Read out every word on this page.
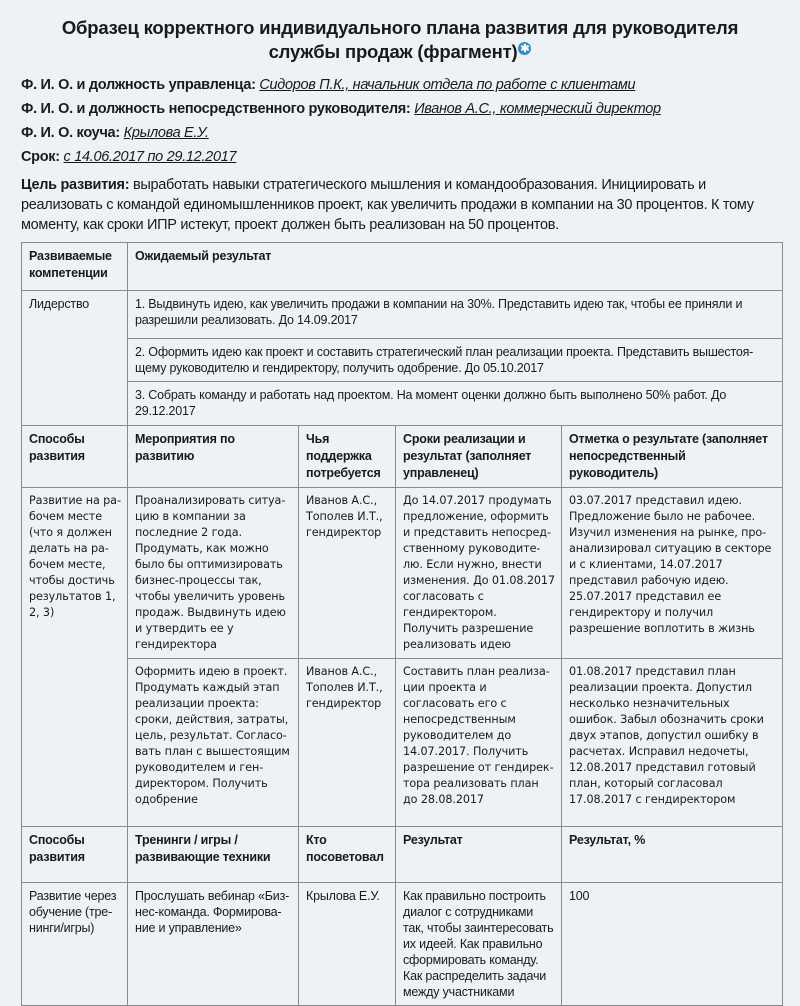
Образец корректного индивидуального плана развития для руководителя
службы продаж (фрагмент) ✱
Ф. И. О. и должность управленца: Сидоров П.К., начальник отдела по работе с клиентами
Ф. И. О. и должность непосредственного руководителя: Иванов А.С., коммерческий директор
Ф. И. О. коуча: Крылова Е.У.
Срок: с 14.06.2017 по 29.12.2017
Цель развития: выработать навыки стратегического мышления и командообразования. Инициировать и реализовать с командой единомышленников проект, как увеличить продажи в компании на 30 процентов. К тому моменту, как сроки ИПР истекут, проект должен быть реализован на 50 процентов.
Развиваемые компетенции	Ожидаемый результат			
Лидерство	1. Выдвинуть идею, как увеличить продажи в компании на 30%. Представить идею так, чтобы ее приняли и разрешили реализовать. До 14.09.2017			
	2. Оформить идею как проект и составить стратегический план реализации проекта. Представить вышестоящему руководителю и гендиректору, получить одобрение. До 05.10.2017			
	3. Собрать команду и работать над проектом. На момент оценки должно быть выполнено 50% работ. До 29.12.2017			
Способы развития	Мероприятия по развитию	Чья поддержка потребуется	Сроки реализации и результат (заполняет управленец)	Отметка о результате (заполняет непосредственный руководитель)
Развитие на рабочем месте (что я должен делать на рабочем месте, чтобы достичь результатов 1, 2, 3)	Проанализировать ситуацию в компании за последние 2 года. Продумать, как можно было бы оптимизировать бизнес-процессы так, чтобы увеличить уровень продаж. Выдвинуть идею и утвердить ее у гендиректора	Иванов А.С., Тополев И.Т., гендиректор	До 14.07.2017 продумать предложение, оформить и представить непосредственному руководителю. Если нужно, внести изменения. До 01.08.2017 согласовать с гендиректором. Получить разрешение реализовать идею	03.07.2017 представил идею. Предложение было не рабочее. Изучил изменения на рынке, проанализировал ситуацию в секторе и с клиентами, 14.07.2017 представил рабочую идею. 25.07.2017 представил ее гендиректору и получил разрешение воплотить в жизнь
	Оформить идею в проект. Продумать каждый этап реализации проекта: сроки, действия, затраты, цель, результат. Согласовать план с вышестоящим руководителем и гендиректором. Получить одобрение	Иванов А.С., Тополев И.Т., гендиректор	Составить план реализации проекта и согласовать его с непосредственным руководителем до 14.07.2017. Получить разрешение от гендиректора реализовать план до 28.08.2017	01.08.2017 представил план реализации проекта. Допустил несколько незначительных ошибок. Забыл обозначить сроки двух этапов, допустил ошибку в расчетах. Исправил недочеты, 12.08.2017 представил готовый план, который согласовал 17.08.2017 с гендиректором
Способы развития	Тренинги / игры / развивающие техники	Кто посоветовал	Результат	Результат, %
Развитие через обучение (тренинги/игры)	Прослушать вебинар «Бизнес-команда. Формирование и управление»	Крылова Е.У.	Как правильно построить диалог с сотрудниками так, чтобы заинтересовать их идеей. Как правильно сформировать команду. Как распределить задачи между участниками	100
